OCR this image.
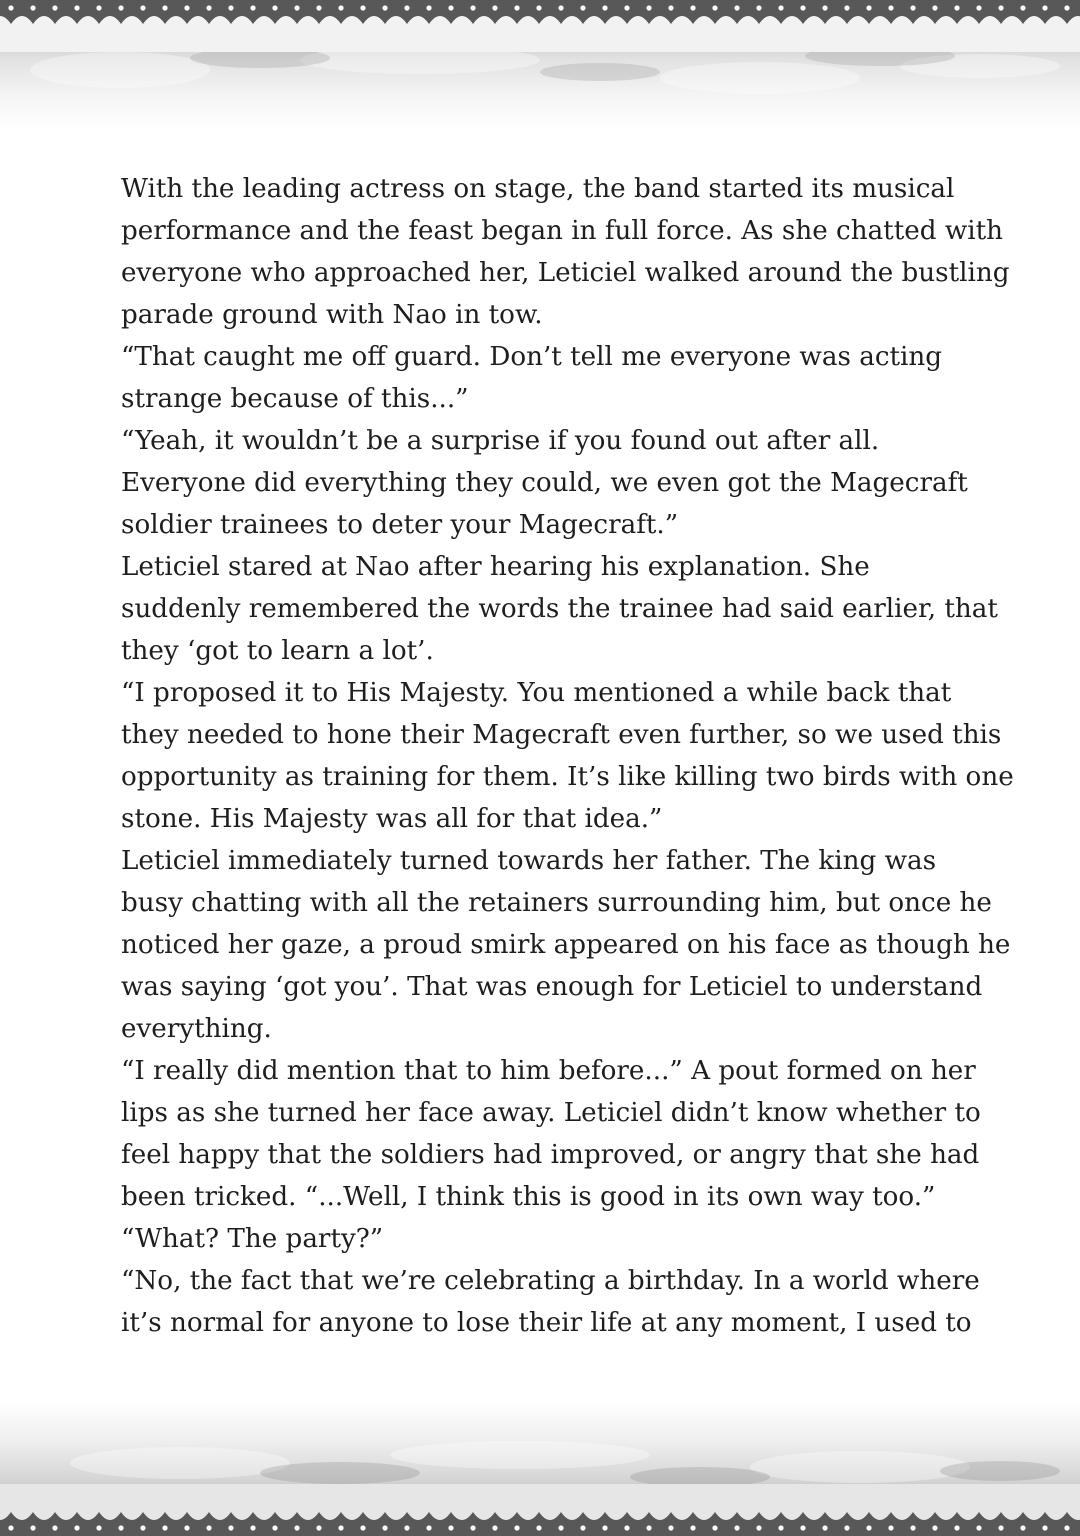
With the leading actress on stage, the band started its musical
performance and the feast began in full force. As she chatted with
everyone who approached her, Leticiel walked around the bustling
parade ground with Nao in tow.

“That caught me off guard. Don’t tell me everyone was acting
strange because of this...”

“Yeah, it wouldn’t be a surprise if you found out after all.
Everyone did everything they could, we even got the Magecraft
soldier trainees to deter your Magecraft.”

Leticiel stared at Nao after hearing his explanation. She
suddenly remembered the words the trainee had said earlier, that
they ‘got to learn a lot’.

“I proposed it to His Majesty. You mentioned a while back that
they needed to hone their Magecraft even further, so we used this
opportunity as training for them. It’s like killing two birds with one
stone. His Majesty was all for that idea.”

Leticiel immediately turned towards her father. The king was
busy chatting with all the retainers surrounding him, but once he
noticed her gaze, a proud smirk appeared on his face as though he
was saying ‘got you’. That was enough for Leticiel to understand
everything.

“I really did mention that to him before...” A pout formed on her
lips as she turned her face away. Leticiel didn’t know whether to
feel happy that the soldiers had improved, or angry that she had
been tricked. “...Well, I think this is good in its own way too.”

“What? The party?”

“No, the fact that we’re celebrating a birthday. In a world where
it’s normal for anyone to lose their life at any moment, I used to
